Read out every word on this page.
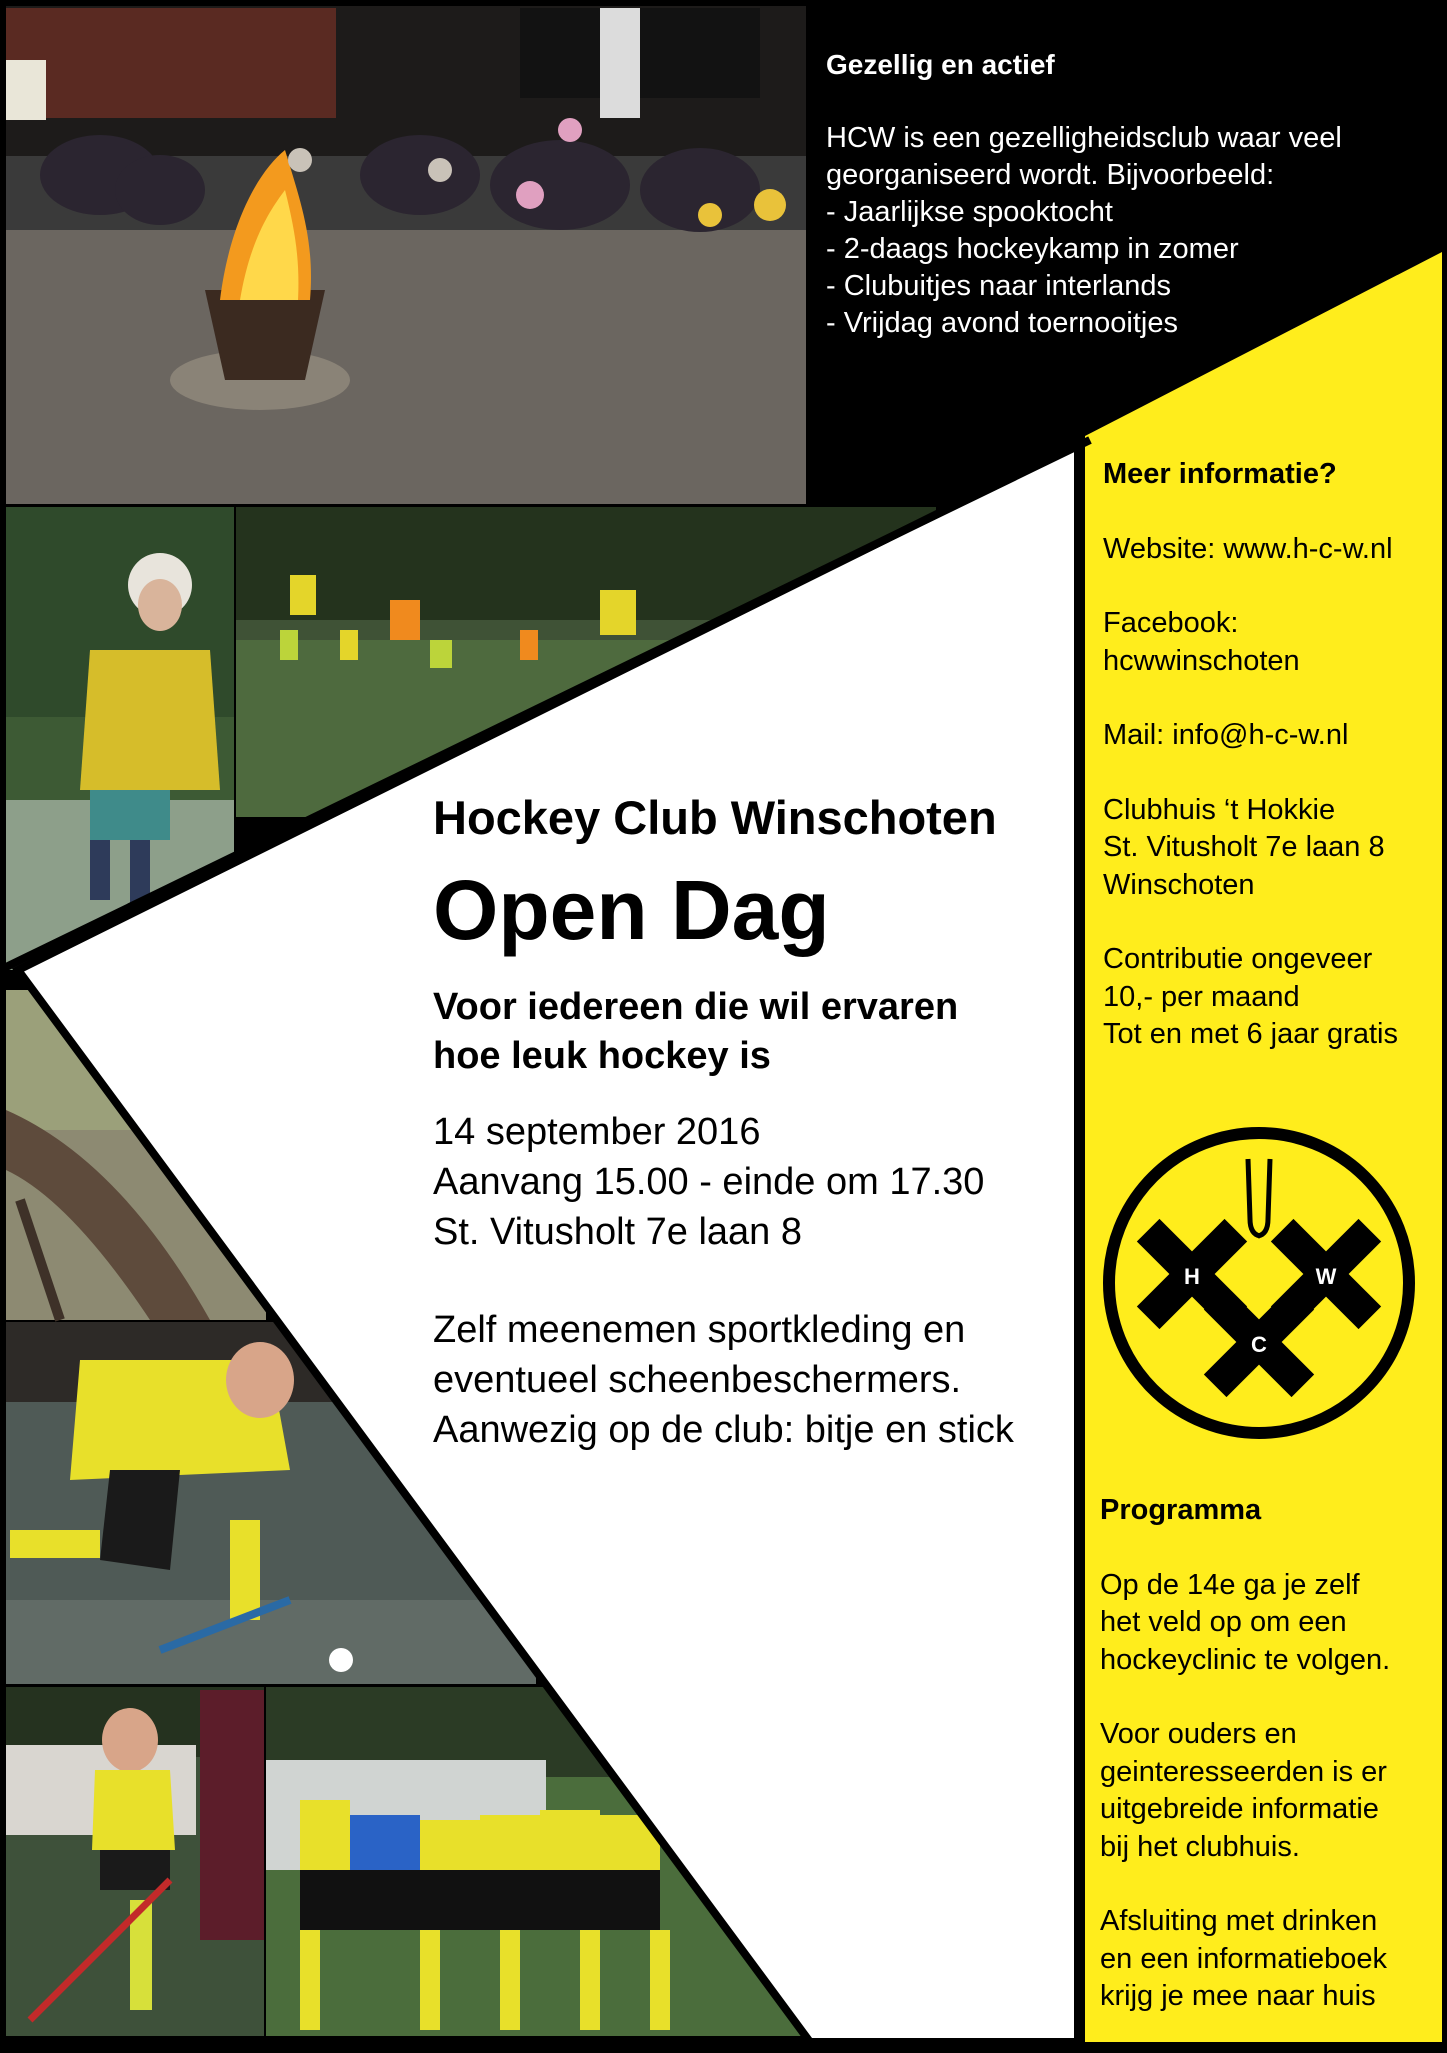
Gezellig en actief
HCW is een gezelligheidsclub waar veel
georganiseerd wordt. Bijvoorbeeld:
- Jaarlijkse spooktocht
- 2-daags hockeykamp in zomer
- Clubuitjes naar interlands
- Vrijdag avond toernooitjes
Hockey Club Winschoten
Open Dag
Voor iedereen die wil ervaren
hoe leuk hockey is
14 september 2016
Aanvang 15.00 - einde om 17.30
St. Vitusholt 7e laan 8
Zelf meenemen sportkleding en
eventueel scheenbeschermers.
Aanwezig op de club: bitje en stick
Meer informatie?
Website: www.h-c-w.nl
Facebook:
hcwwinschoten
Mail: info@h-c-w.nl
Clubhuis ‘t Hokkie
St. Vitusholt 7e laan 8
Winschoten
Contributie ongeveer
10,- per maand
Tot en met 6 jaar gratis
H	W
C
Programma
Op de 14e ga je zelf
het veld op om een
hockeyclinic te volgen.
Voor ouders en
geinteresseerden is er
uitgebreide informatie
bij het clubhuis.
Afsluiting met drinken
en een informatieboek
krijg je mee naar huis
